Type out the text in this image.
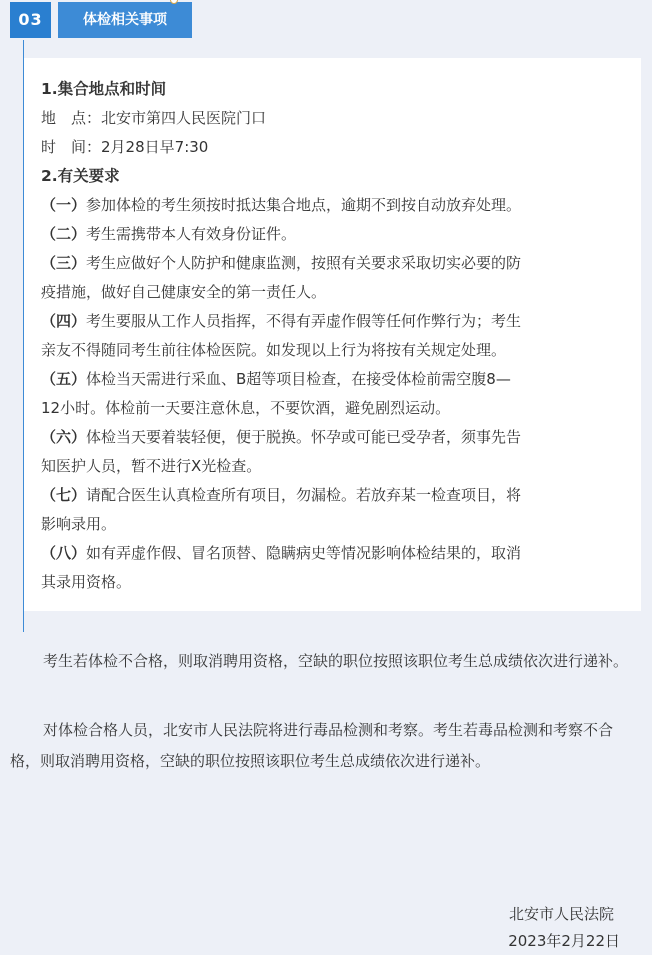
03	体检相关事项
1.集合地点和时间
地　点：北安市第四人民医院门口
时　间：2月28日早7:30
2.有关要求
（一）参加体检的考生须按时抵达集合地点，逾期不到按自动放弃处理。
（二）考生需携带本人有效身份证件。
（三）考生应做好个人防护和健康监测，按照有关要求采取切实必要的防
疫措施，做好自己健康安全的第一责任人。
（四）考生要服从工作人员指挥，不得有弄虚作假等任何作弊行为；考生
亲友不得随同考生前往体检医院。如发现以上行为将按有关规定处理。
（五）体检当天需进行采血、B超等项目检查，在接受体检前需空腹8—
12小时。体检前一天要注意休息，不要饮酒，避免剧烈运动。
（六）体检当天要着装轻便，便于脱换。怀孕或可能已受孕者，须事先告
知医护人员，暂不进行X光检查。
（七）请配合医生认真检查所有项目，勿漏检。若放弃某一检查项目，将
影响录用。
（八）如有弄虚作假、冒名顶替、隐瞒病史等情况影响体检结果的，取消
其录用资格。
考生若体检不合格，则取消聘用资格，空缺的职位按照该职位考生总成绩依次进行递补。
对体检合格人员，北安市人民法院将进行毒品检测和考察。考生若毒品检测和考察不合格，则取消聘用资格，空缺的职位按照该职位考生总成绩依次进行递补。
北安市人民法院
2023年2月22日
